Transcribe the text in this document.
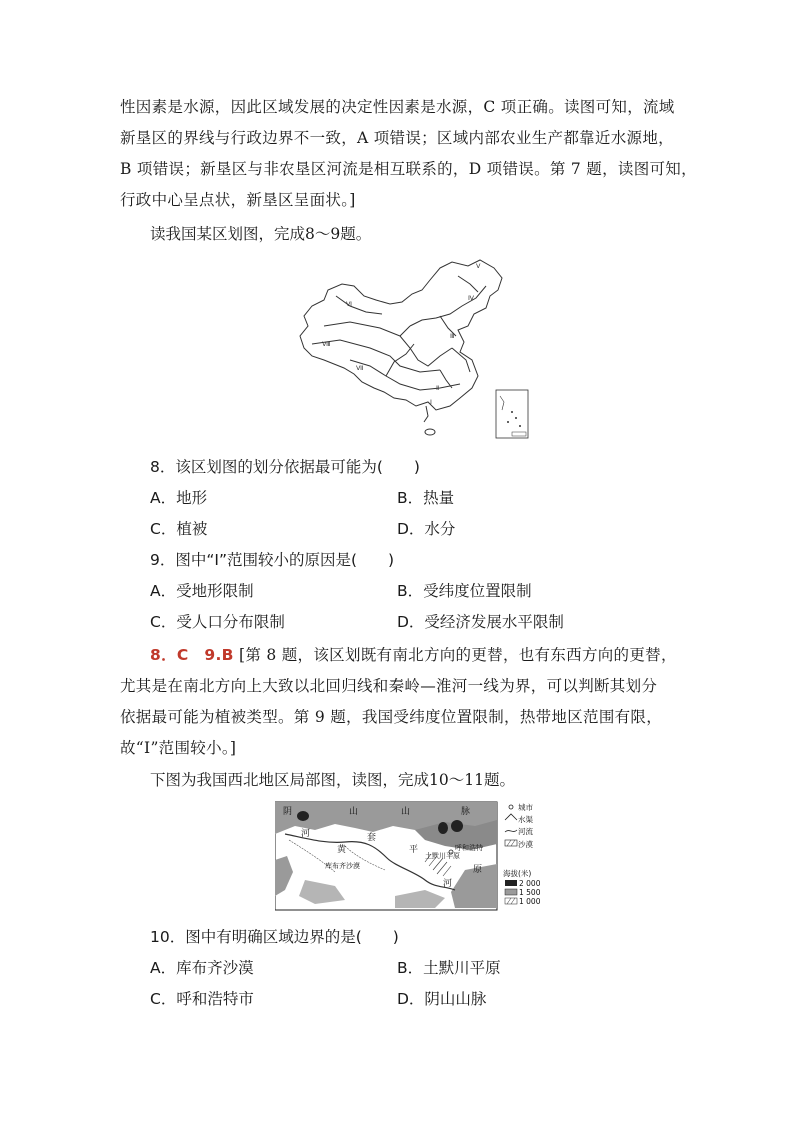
性因素是水源，因此区域发展的决定性因素是水源，C 项正确。读图可知，流域
新垦区的界线与行政边界不一致，A 项错误；区域内部农业生产都靠近水源地，
B 项错误；新垦区与非农垦区河流是相互联系的，D 项错误。第 7 题，读图可知，
行政中心呈点状，新垦区呈面状。]
读我国某区划图，完成8～9题。
Ⅵ
Ⅷ
Ⅶ
Ⅲ
Ⅳ
Ⅴ
Ⅱ
Ⅰ
8．该区划图的划分依据最可能为(　　)
A．地形	B．热量
C．植被	D．水分
9．图中“Ⅰ”范围较小的原因是(　　)
A．受地形限制	B．受纬度位置限制
C．受人口分布限制	D．受经济发展水平限制
8．C　9.B [第 8 题，该区划既有南北方向的更替，也有东西方向的更替，
尤其是在南北方向上大致以北回归线和秦岭—淮河一线为界，可以判断其划分
依据最可能为植被类型。第 9 题，我国受纬度位置限制，热带地区范围有限，
故“Ⅰ”范围较小。]
下图为我国西北地区局部图，读图，完成10～11题。
阴	山	山	脉
河	套
黄	平
原
河
库布齐沙漠
呼和浩特
土默川平原
城市
水渠
河流
沙漠
海拔(米)
2 000
1 500
1 000
10．图中有明确区域边界的是(　　)
A．库布齐沙漠	B．土默川平原
C．呼和浩特市	D．阴山山脉
